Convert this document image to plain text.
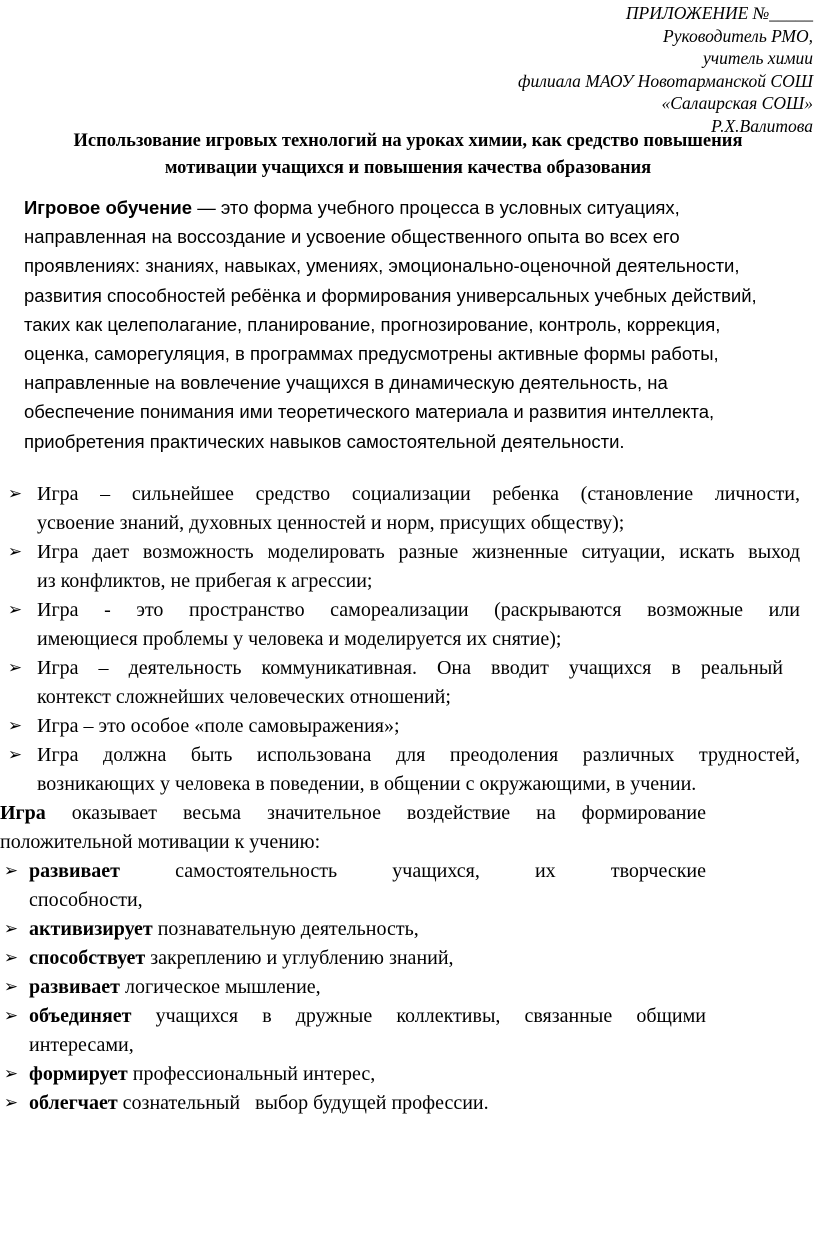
ПРИЛОЖЕНИЕ №_____
Руководитель РМО,
учитель химии
филиала МАОУ Новотарманской СОШ
«Салаирская СОШ»
Р.Х.Валитова
Использование игровых технологий на уроках химии, как средство повышения
мотивации учащихся и повышения качества образования
Игровое обучение — это форма учебного процесса в условных ситуациях, направленная на воссоздание и усвоение общественного опыта во всех его проявлениях: знаниях, навыках, умениях, эмоционально-оценочной деятельности, развития способностей ребёнка и формирования универсальных учебных действий, таких как целеполагание, планирование, прогнозирование, контроль, коррекция, оценка, саморегуляция, в программах предусмотрены активные формы работы, направленные на вовлечение учащихся в динамическую деятельность, на обеспечение понимания ими теоретического материала и развития интеллекта, приобретения практических навыков самостоятельной деятельности.
➢ Игра – сильнейшее средство социализации ребенка (становление личности,
усвоение знаний, духовных ценностей и норм, присущих обществу);
➢ Игра дает возможность моделировать разные жизненные ситуации, искать выход
из конфликтов, не прибегая к агрессии;
➢ Игра - это пространство самореализации (раскрываются возможные или
имеющиеся проблемы у человека и моделируется их снятие);
➢ Игра – деятельность коммуникативная. Она вводит учащихся в реальный
контекст сложнейших человеческих отношений;
➢ Игра – это особое «поле самовыражения»;
➢ Игра должна быть использована для преодоления различных трудностей,
возникающих у человека в поведении, в общении с окружающими, в учении.
Игра оказывает весьма значительное воздействие на формирование
положительной мотивации к учению:
➢ развивает самостоятельность учащихся, их творческие
способности,
➢ активизирует познавательную деятельность,
➢ способствует закреплению и углублению знаний,
➢ развивает логическое мышление,
➢ объединяет учащихся в дружные коллективы, связанные общими
интересами,
➢ формирует профессиональный интерес,
➢ облегчает сознательный   выбор будущей профессии.
